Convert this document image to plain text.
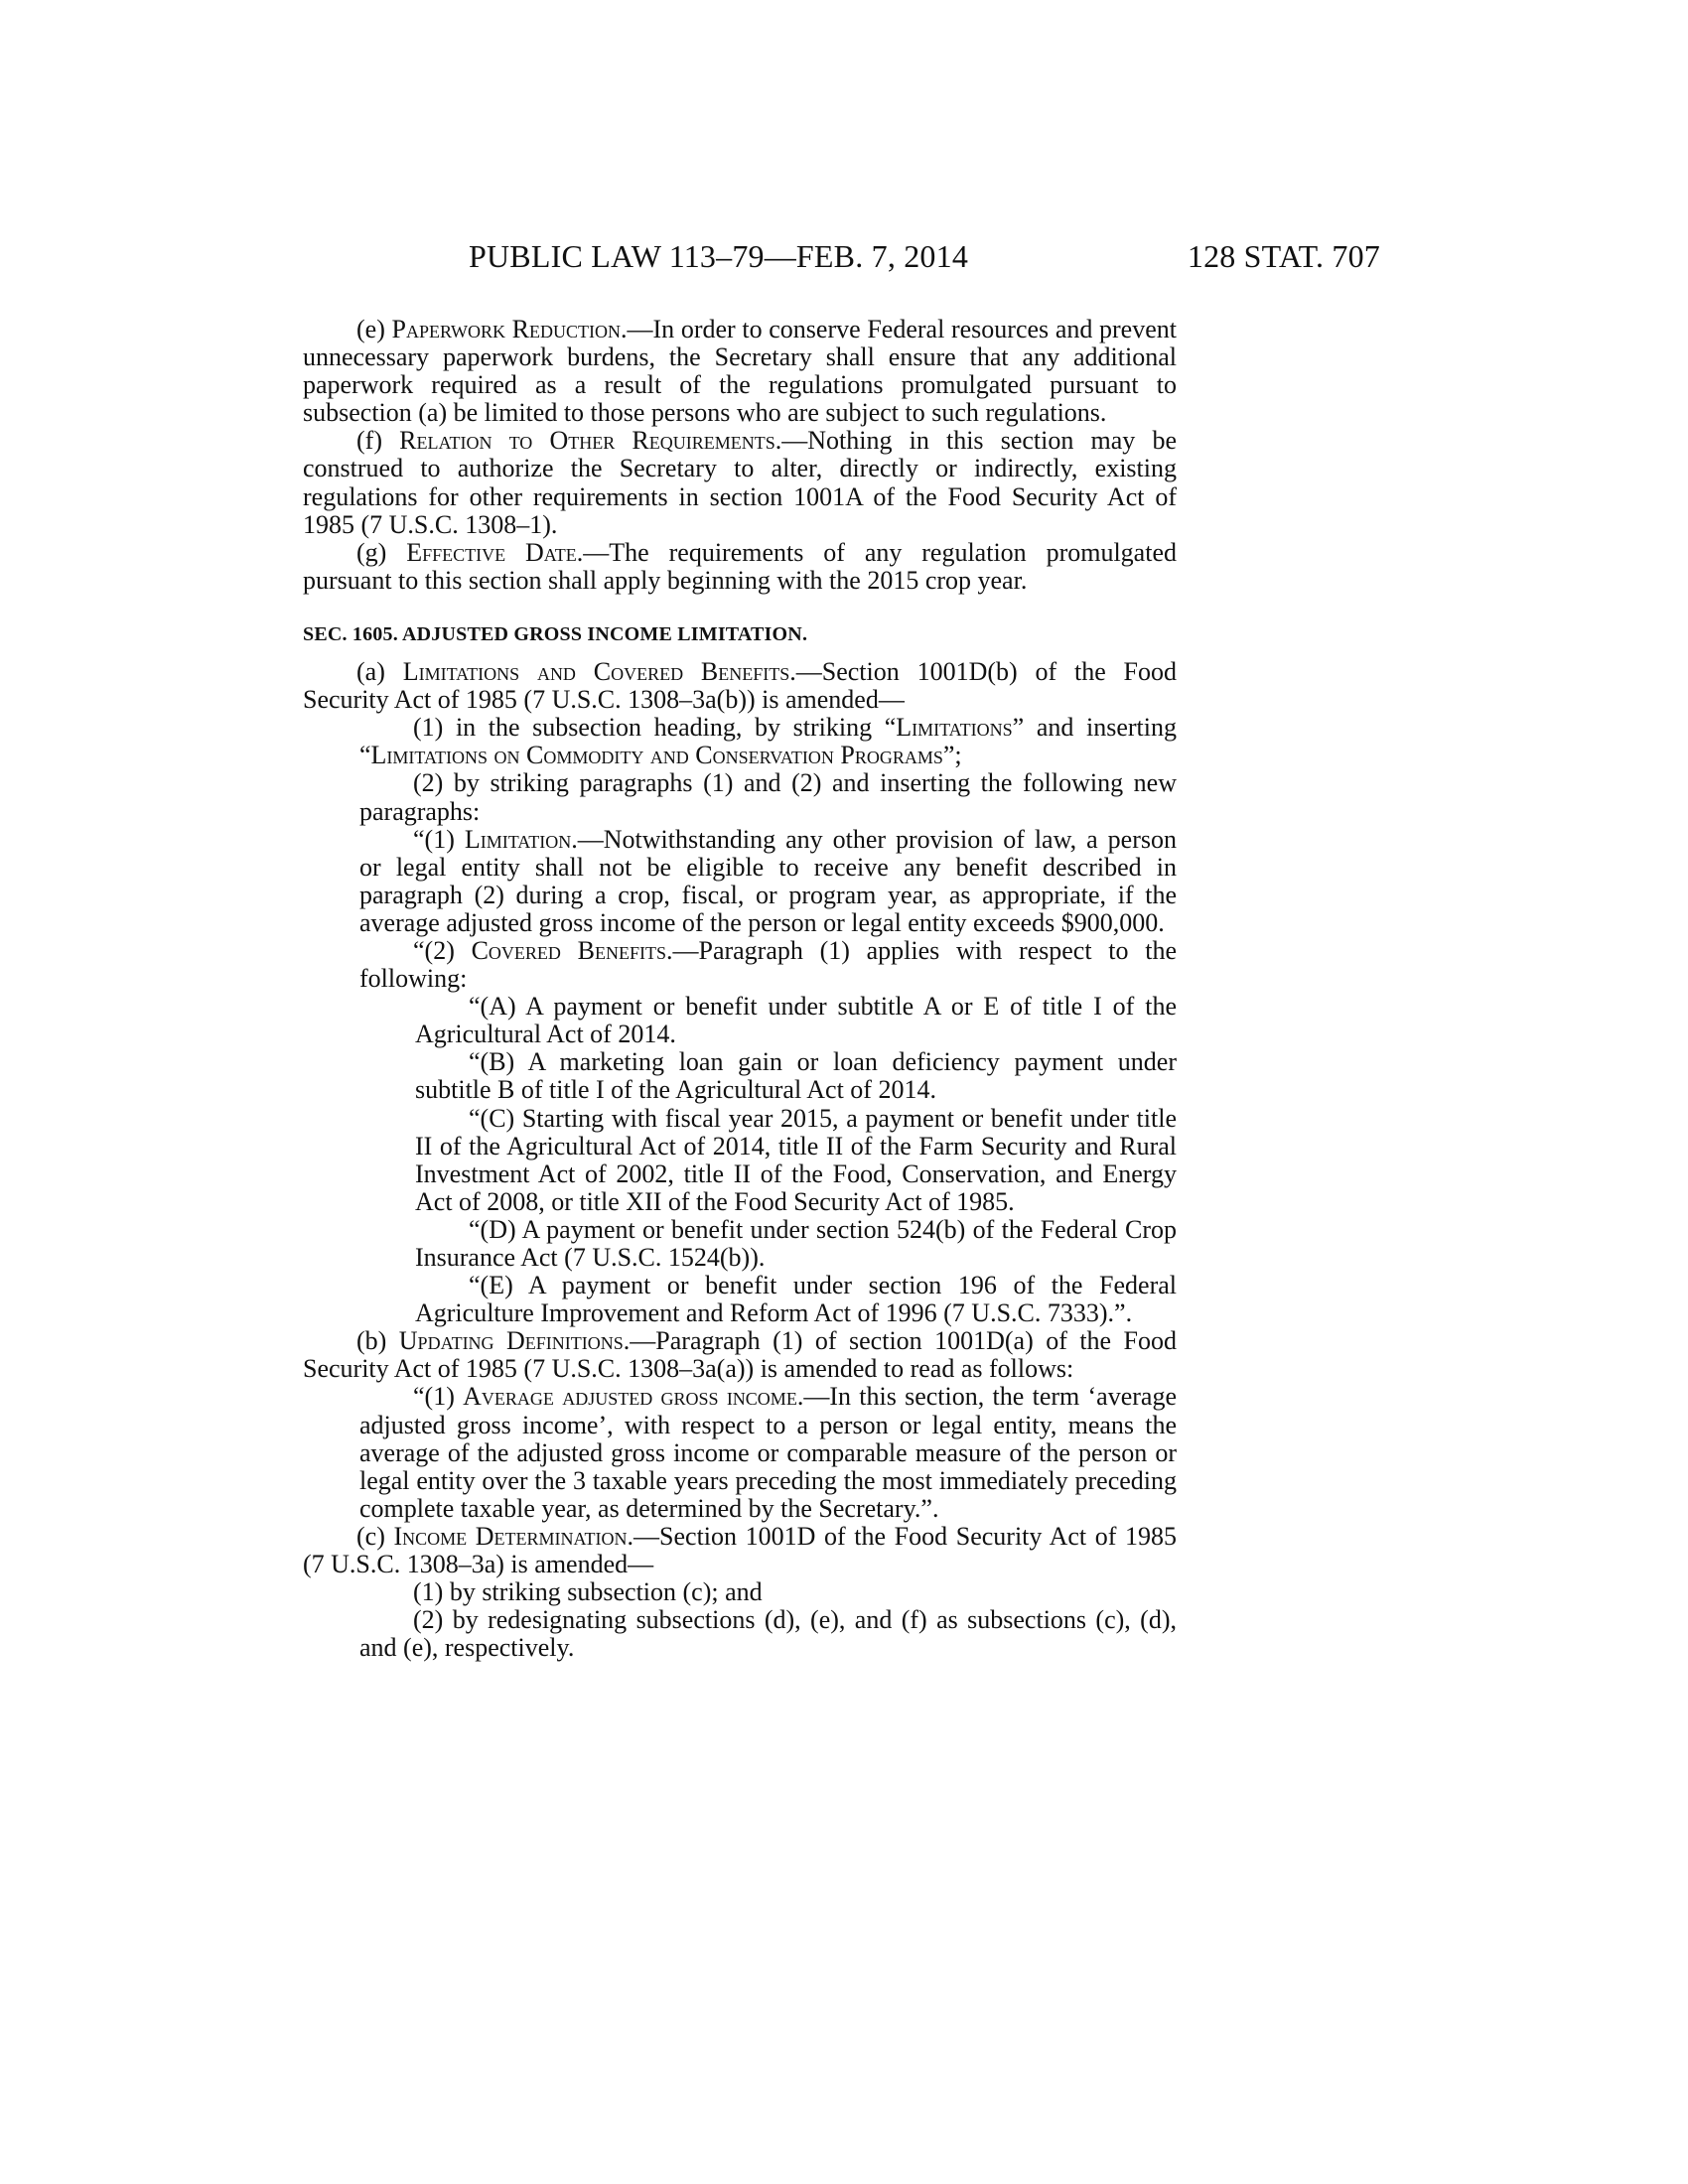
PUBLIC LAW 113–79—FEB. 7, 2014	128 STAT. 707

(e) Paperwork Reduction.—In order to conserve Federal resources and prevent unnecessary paperwork burdens, the Secretary shall ensure that any additional paperwork required as a result of the regulations promulgated pursuant to subsection (a) be limited to those persons who are subject to such regulations.

(f) Relation to Other Requirements.—Nothing in this section may be construed to authorize the Secretary to alter, directly or indirectly, existing regulations for other requirements in section 1001A of the Food Security Act of 1985 (7 U.S.C. 1308–1).

(g) Effective Date.—The requirements of any regulation promulgated pursuant to this section shall apply beginning with the 2015 crop year.

SEC. 1605. ADJUSTED GROSS INCOME LIMITATION.

(a) Limitations and Covered Benefits.—Section 1001D(b) of the Food Security Act of 1985 (7 U.S.C. 1308–3a(b)) is amended—

(1) in the subsection heading, by striking “Limitations” and inserting “Limitations on Commodity and Conservation Programs”;

(2) by striking paragraphs (1) and (2) and inserting the following new paragraphs:

“(1) Limitation.—Notwithstanding any other provision of law, a person or legal entity shall not be eligible to receive any benefit described in paragraph (2) during a crop, fiscal, or program year, as appropriate, if the average adjusted gross income of the person or legal entity exceeds $900,000.

“(2) Covered Benefits.—Paragraph (1) applies with respect to the following:

“(A) A payment or benefit under subtitle A or E of title I of the Agricultural Act of 2014.

“(B) A marketing loan gain or loan deficiency payment under subtitle B of title I of the Agricultural Act of 2014.

“(C) Starting with fiscal year 2015, a payment or benefit under title II of the Agricultural Act of 2014, title II of the Farm Security and Rural Investment Act of 2002, title II of the Food, Conservation, and Energy Act of 2008, or title XII of the Food Security Act of 1985.

“(D) A payment or benefit under section 524(b) of the Federal Crop Insurance Act (7 U.S.C. 1524(b)).

“(E) A payment or benefit under section 196 of the Federal Agriculture Improvement and Reform Act of 1996 (7 U.S.C. 7333).”.

(b) Updating Definitions.—Paragraph (1) of section 1001D(a) of the Food Security Act of 1985 (7 U.S.C. 1308–3a(a)) is amended to read as follows:

“(1) Average adjusted gross income.—In this section, the term ‘average adjusted gross income’, with respect to a person or legal entity, means the average of the adjusted gross income or comparable measure of the person or legal entity over the 3 taxable years preceding the most immediately preceding complete taxable year, as determined by the Secretary.”.

(c) Income Determination.—Section 1001D of the Food Security Act of 1985 (7 U.S.C. 1308–3a) is amended—

(1) by striking subsection (c); and

(2) by redesignating subsections (d), (e), and (f) as subsections (c), (d), and (e), respectively.
